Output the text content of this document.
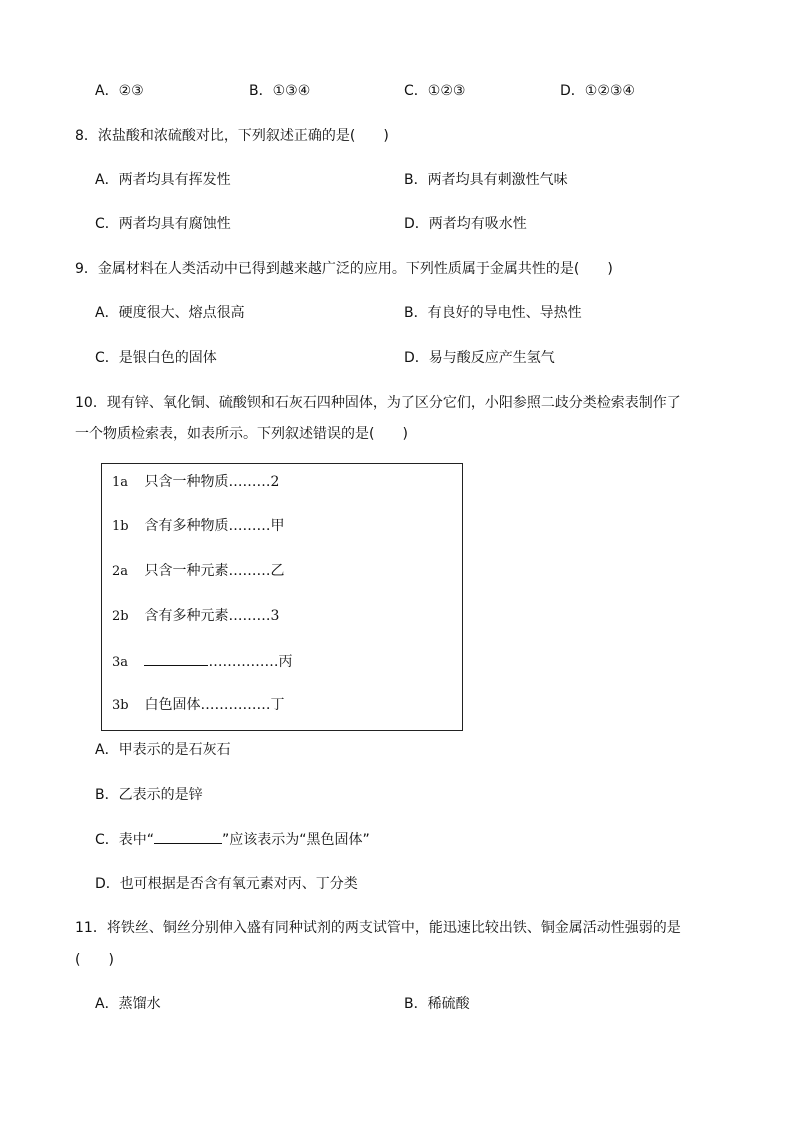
A．②③	B．①③④	C．①②③	D．①②③④
8．浓盐酸和浓硫酸对比，下列叙述正确的是(　　)
A．两者均具有挥发性	B．两者均具有刺激性气味
C．两者均具有腐蚀性	D．两者均有吸水性
9．金属材料在人类活动中已得到越来越广泛的应用。下列性质属于金属共性的是(　　)
A．硬度很大、熔点很高	B．有良好的导电性、导热性
C．是银白色的固体	D．易与酸反应产生氢气
10．现有锌、氧化铜、硫酸钡和石灰石四种固体，为了区分它们，小阳参照二歧分类检索表制作了
一个物质检索表，如表所示。下列叙述错误的是(　　)
1a 只含一种物质………2
1b 含有多种物质………甲
2a 只含一种元素………乙
2b 含有多种元素………3
3a	……………丙
3b 白色固体……………丁
A．甲表示的是石灰石
B．乙表示的是锌
C．表中“	”应该表示为“黑色固体”
D．也可根据是否含有氧元素对丙、丁分类
11．将铁丝、铜丝分别伸入盛有同种试剂的两支试管中，能迅速比较出铁、铜金属活动性强弱的是
(　　)
A．蒸馏水	B．稀硫酸
